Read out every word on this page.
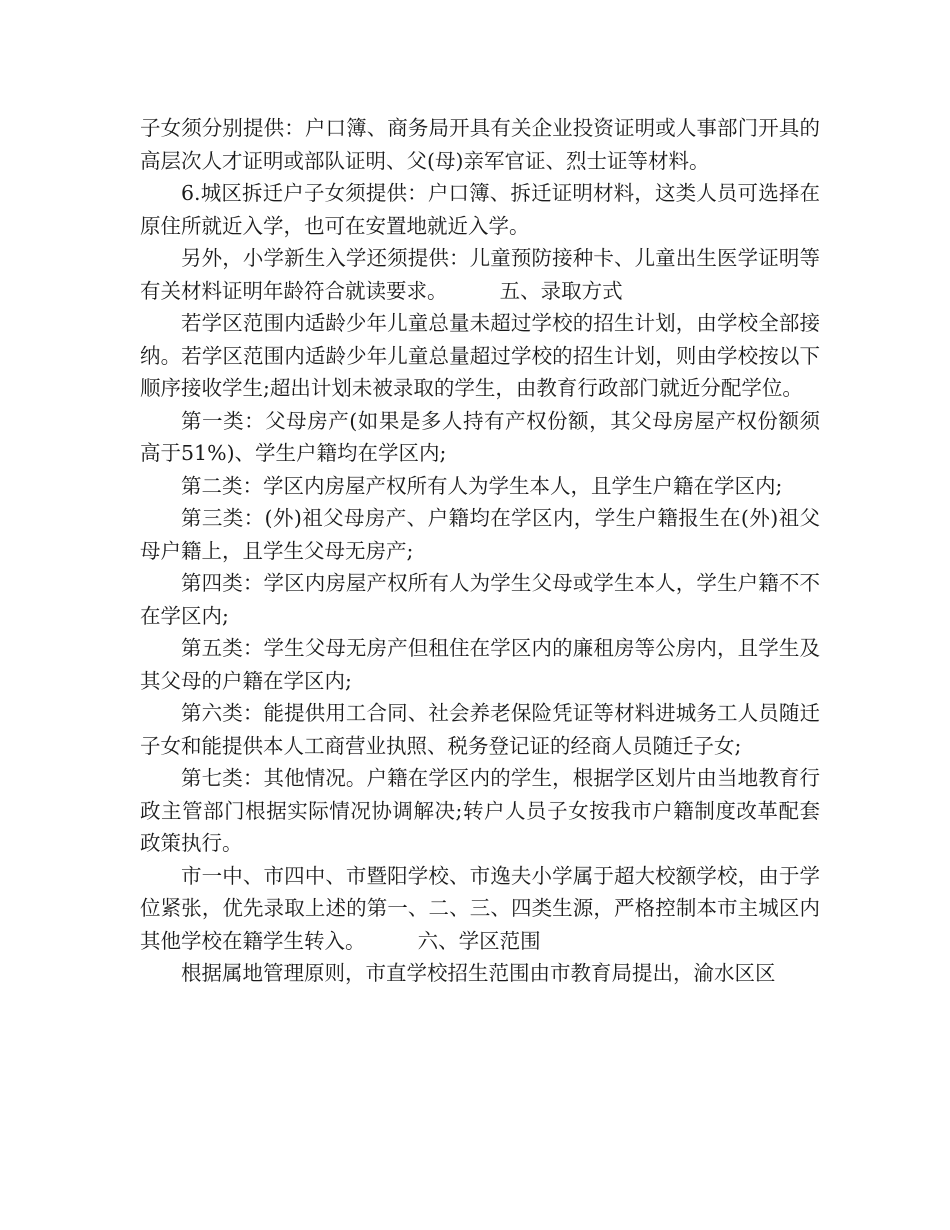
子女须分别提供：户口簿、商务局开具有关企业投资证明或人事部门开具的高层次人才证明或部队证明、父(母)亲军官证、烈士证等材料。

6.城区拆迁户子女须提供：户口簿、拆迁证明材料，这类人员可选择在原住所就近入学，也可在安置地就近入学。

另外，小学新生入学还须提供：儿童预防接种卡、儿童出生医学证明等有关材料证明年龄符合就读要求。        五、录取方式

若学区范围内适龄少年儿童总量未超过学校的招生计划，由学校全部接纳。若学区范围内适龄少年儿童总量超过学校的招生计划，则由学校按以下顺序接收学生;超出计划未被录取的学生，由教育行政部门就近分配学位。

第一类：父母房产(如果是多人持有产权份额，其父母房屋产权份额须高于51%)、学生户籍均在学区内;

第二类：学区内房屋产权所有人为学生本人，且学生户籍在学区内;

第三类：(外)祖父母房产、户籍均在学区内，学生户籍报生在(外)祖父母户籍上，且学生父母无房产;

第四类：学区内房屋产权所有人为学生父母或学生本人，学生户籍不不在学区内;

第五类：学生父母无房产但租住在学区内的廉租房等公房内，且学生及其父母的户籍在学区内;

第六类：能提供用工合同、社会养老保险凭证等材料进城务工人员随迁子女和能提供本人工商营业执照、税务登记证的经商人员随迁子女;

第七类：其他情况。户籍在学区内的学生，根据学区划片由当地教育行政主管部门根据实际情况协调解决;转户人员子女按我市户籍制度改革配套政策执行。

市一中、市四中、市暨阳学校、市逸夫小学属于超大校额学校，由于学位紧张，优先录取上述的第一、二、三、四类生源，严格控制本市主城区内其他学校在籍学生转入。        六、学区范围

根据属地管理原则，市直学校招生范围由市教育局提出，渝水区区
